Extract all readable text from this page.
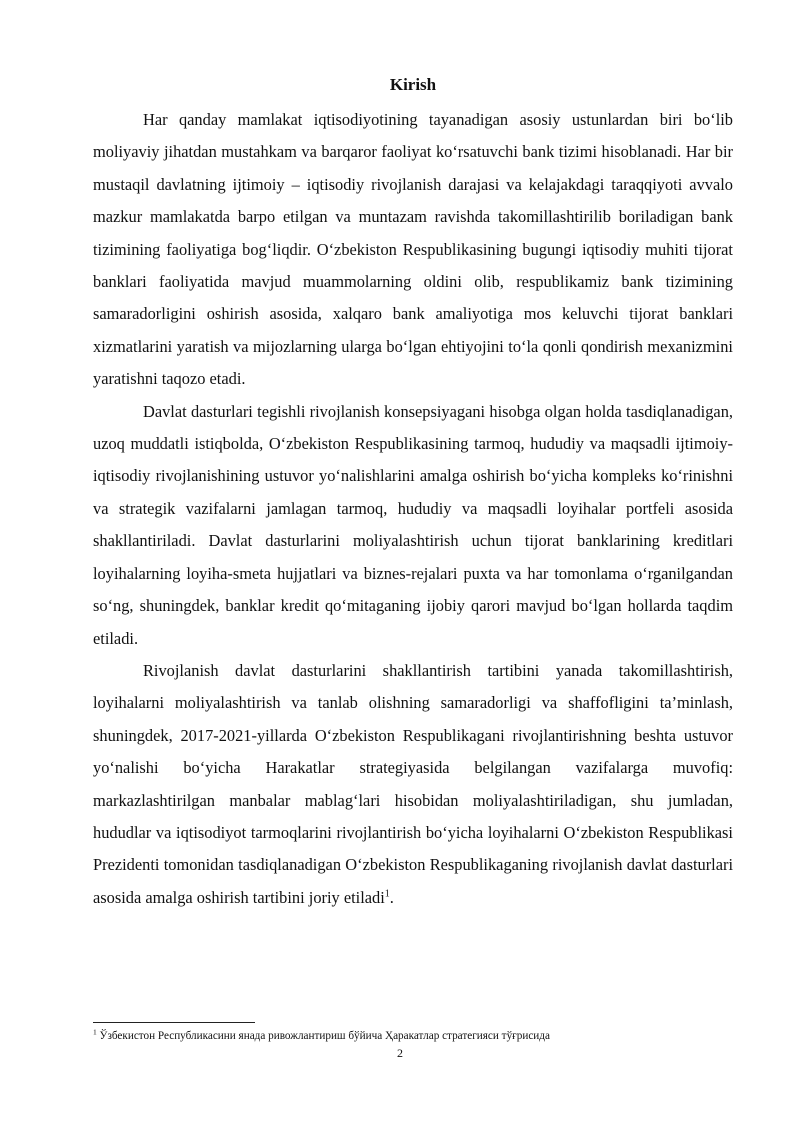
Kirish

Har qanday mamlakat iqtisodiyotining tayanadigan asosiy ustunlardan biri bo‘lib moliyaviy jihatdan mustahkam va barqaror faoliyat ko‘rsatuvchi bank tizimi hisoblanadi. Har bir mustaqil davlatning ijtimoiy – iqtisodiy rivojlanish darajasi va kelajakdagi taraqqiyoti avvalo mazkur mamlakatda barpo etilgan va muntazam ravishda takomillashtirilib boriladigan bank tizimining faoliyatiga bog‘liqdir. O‘zbekiston Respublikasining bugungi iqtisodiy muhiti tijorat banklari faoliyatida mavjud muammolarning oldini olib, respublikamiz bank tizimining samaradorligini oshirish asosida, xalqaro bank amaliyotiga mos keluvchi tijorat banklari xizmatlarini yaratish va mijozlarning ularga bo‘lgan ehtiyojini to‘la qonli qondirish mexanizmini yaratishni taqozo etadi.

Davlat dasturlari tegishli rivojlanish konsepsiyagani hisobga olgan holda tasdiqlanadigan, uzoq muddatli istiqbolda, O‘zbekiston Respublikasining tarmoq, hududiy va maqsadli ijtimoiy-iqtisodiy rivojlanishining ustuvor yo‘nalishlarini amalga oshirish bo‘yicha kompleks ko‘rinishni va strategik vazifalarni jamlagan tarmoq, hududiy va maqsadli loyihalar portfeli asosida shakllantiriladi. Davlat dasturlarini moliyalashtirish uchun tijorat banklarining kreditlari loyihalarning loyiha-smeta hujjatlari va biznes-rejalari puxta va har tomonlama o‘rganilgandan so‘ng, shuningdek, banklar kredit qo‘mitaganing ijobiy qarori mavjud bo‘lgan hollarda taqdim etiladi.

Rivojlanish davlat dasturlarini shakllantirish tartibini yanada takomillashtirish, loyihalarni moliyalashtirish va tanlab olishning samaradorligi va shaffofligini ta’minlash, shuningdek, 2017-2021-yillarda O‘zbekiston Respublikagani rivojlantirishning beshta ustuvor yo‘nalishi bo‘yicha Harakatlar strategiyasida belgilangan vazifalarga muvofiq: markazlashtirilgan manbalar mablag‘lari hisobidan moliyalashtiriladigan, shu jumladan, hududlar va iqtisodiyot tarmoqlarini rivojlantirish bo‘yicha loyihalarni O‘zbekiston Respublikasi Prezidenti tomonidan tasdiqlanadigan O‘zbekiston Respublikaganing rivojlanish davlat dasturlari asosida amalga oshirish tartibini joriy etiladi$^1$.

$^1$ Ўзбекистон Республикасини янада ривожлантириш бўйича Ҳаракатлар стратегияси тўғрисида
2
